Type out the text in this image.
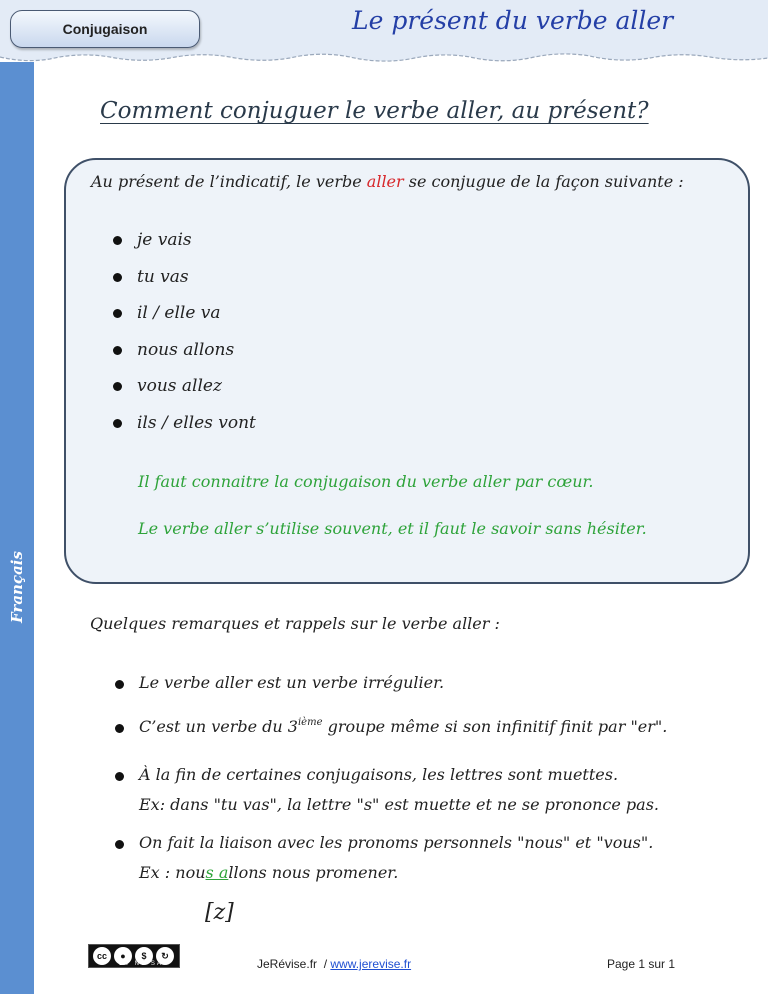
Français
Conjugaison	Le présent du verbe aller
Comment conjuguer le verbe aller, au présent?
Au présent de l’indicatif, le verbe aller se conjugue de la façon suivante :
je vais
tu vas
il / elle va
nous allons
vous allez
ils / elles vont
Il faut connaitre la conjugaison du verbe aller par cœur.
Le verbe aller s’utilise souvent, et il faut le savoir sans hésiter.
Quelques remarques et rappels sur le verbe aller :
Le verbe aller est un verbe irrégulier.
C’est un verbe du 3ième groupe même si son infinitif finit par "er".
À la fin de certaines conjugaisons, les lettres sont muettes.
Ex: dans "tu vas", la lettre "s" est muette et ne se prononce pas.
On fait la liaison avec les pronoms personnels "nous" et "vous".
Ex : nous allons nous promener.
[z]
cc	●	$	↻
BY NC SA	JeRévise.fr / www.jerevise.fr	Page 1 sur 1
